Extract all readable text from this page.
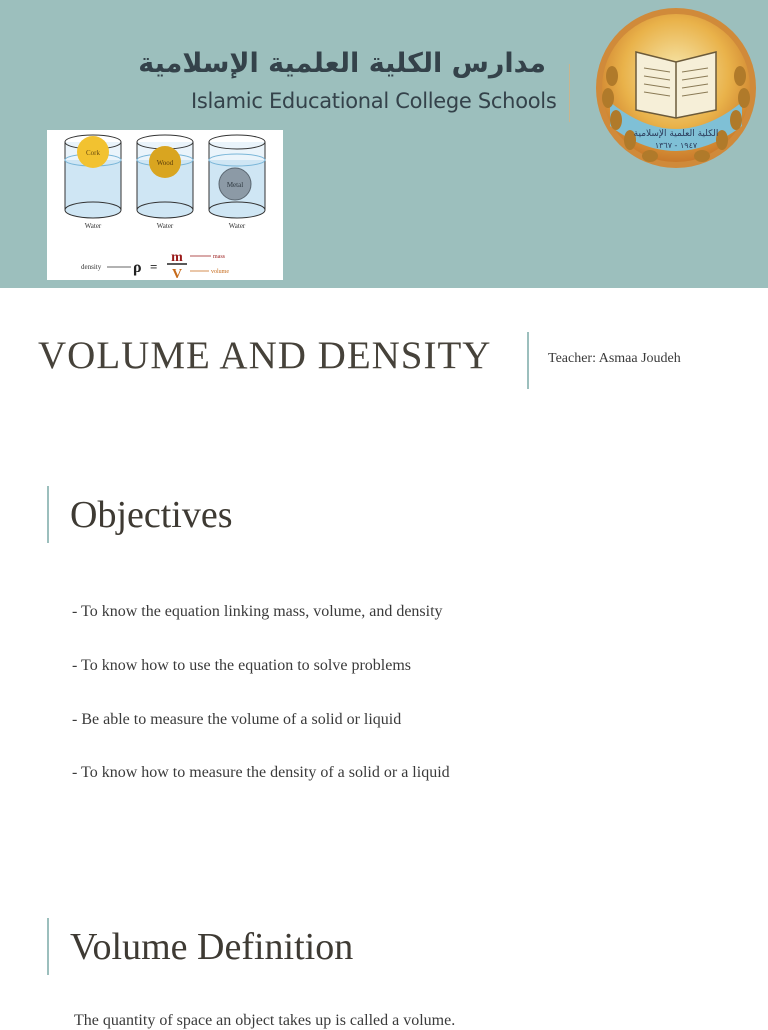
مدارس الكلية العلمية الإسلامية
Islamic Educational College Schools
الكلية العلمية الإسلامية
١٩٤٧ - ١٣٦٧
Cork
Water
Wood
Water
Metal
Water
density ρ =
m
V
mass
volume
VOLUME AND DENSITY	Teacher: Asmaa Joudeh
Objectives
- To know the equation linking mass, volume, and density
- To know how to use the equation to solve problems
- Be able to measure the volume of a solid or liquid
- To know how to measure the density of a solid or a liquid
Volume Definition
The quantity of space an object takes up is called a volume.
